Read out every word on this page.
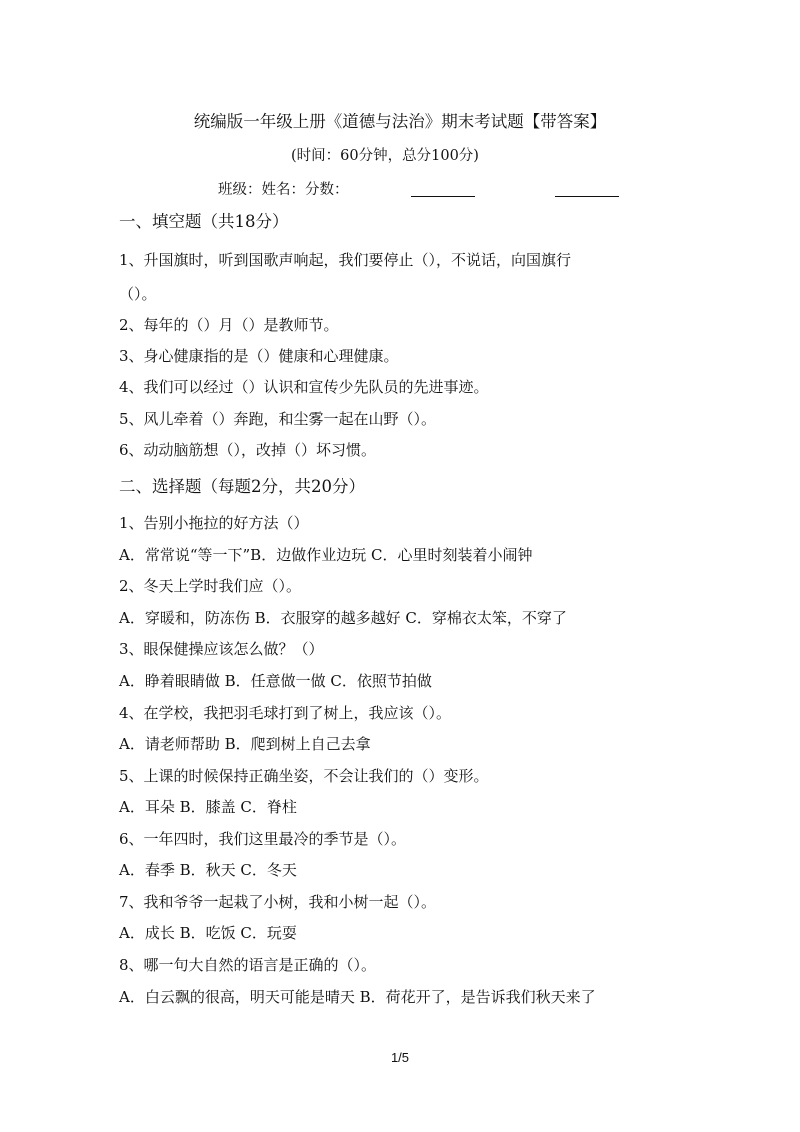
统编版一年级上册《道德与法治》期末考试题【带答案】
(时间：60分钟，总分100分)
班级：姓名：分数：
一、填空题（共18分）
1、升国旗时，听到国歌声响起，我们要停止（），不说话，向国旗行
（）。
2、每年的（）月（）是教师节。
3、身心健康指的是（）健康和心理健康。
4、我们可以经过（）认识和宣传少先队员的先进事迹。
5、风儿牵着（）奔跑，和尘雾一起在山野（）。
6、动动脑筋想（），改掉（）坏习惯。
二、选择题（每题2分，共20分）
1、告别小拖拉的好方法（）
A．常常说“等一下”B．边做作业边玩 C．心里时刻装着小闹钟
2、冬天上学时我们应（）。
A．穿暖和，防冻伤 B．衣服穿的越多越好 C．穿棉衣太笨，不穿了
3、眼保健操应该怎么做？（）
A．睁着眼睛做 B．任意做一做 C．依照节拍做
4、在学校，我把羽毛球打到了树上，我应该（）。
A．请老师帮助 B．爬到树上自己去拿
5、上课的时候保持正确坐姿，不会让我们的（）变形。
A．耳朵 B．膝盖 C．脊柱
6、一年四时，我们这里最冷的季节是（）。
A．春季 B．秋天 C．冬天
7、我和爷爷一起栽了小树，我和小树一起（）。
A．成长 B．吃饭 C．玩耍
8、哪一句大自然的语言是正确的（）。
A．白云飘的很高，明天可能是晴天 B．荷花开了，是告诉我们秋天来了
1/5
